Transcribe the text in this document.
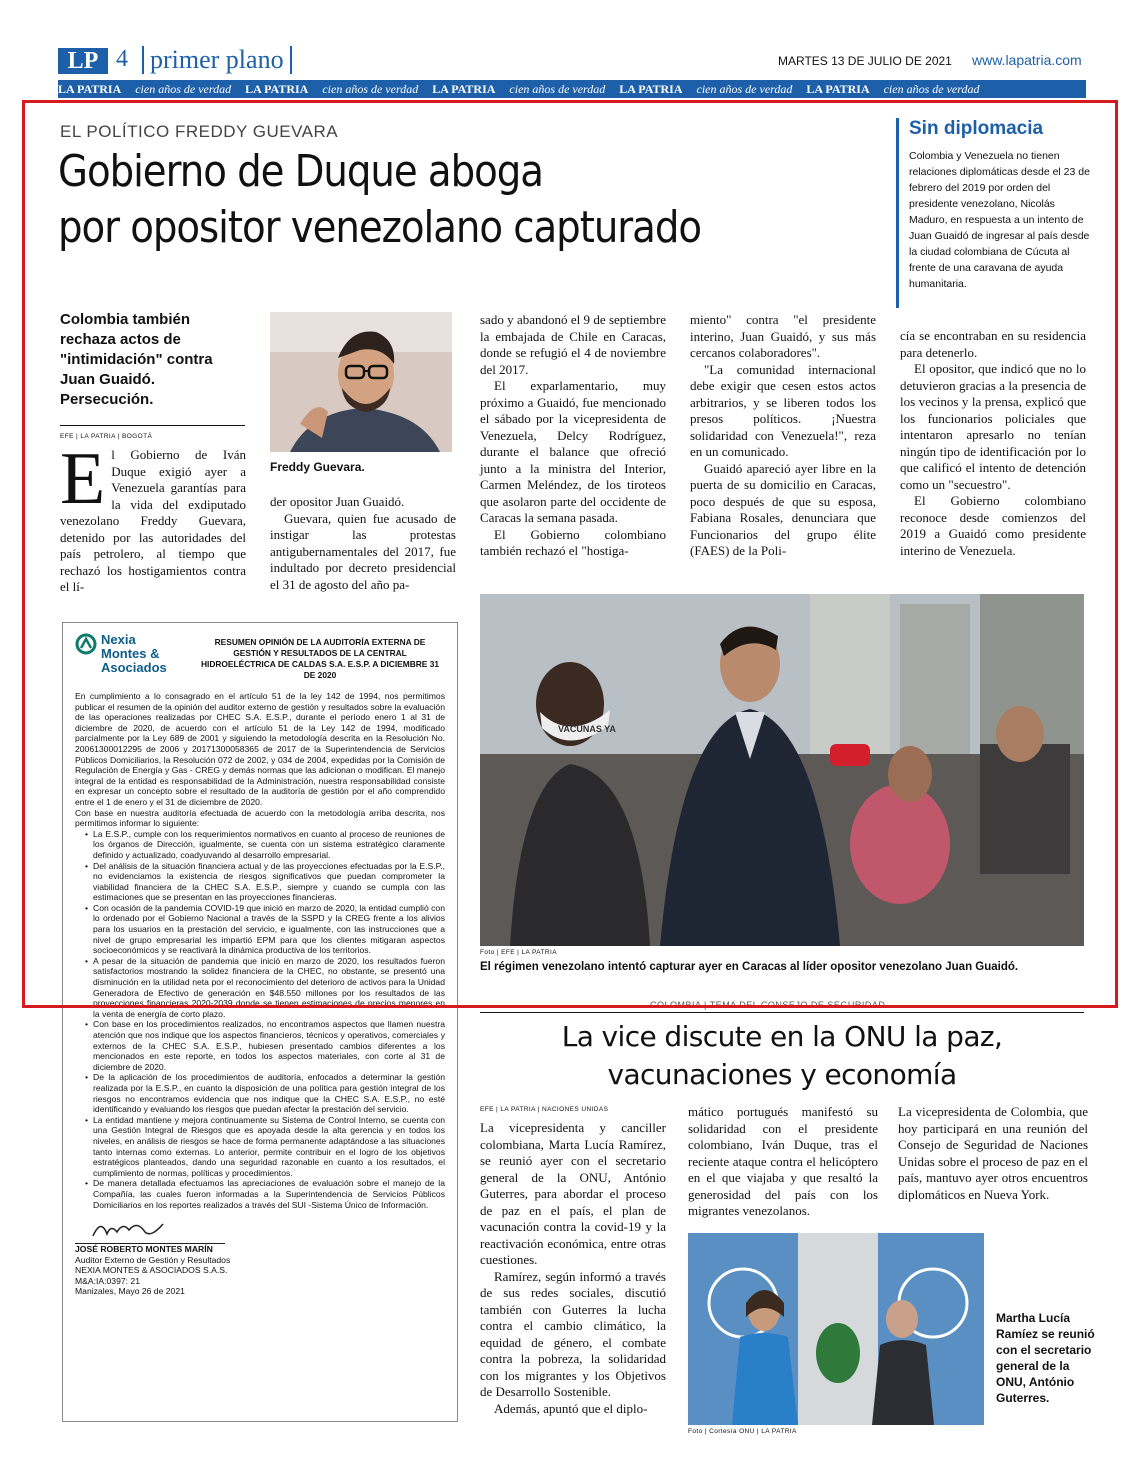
LP 4 primer plano	MARTES 13 DE JULIO DE 2021 www.lapatria.com
LA PATRIA cien años de verdad LA PATRIA cien años de verdad LA PATRIA cien años de verdad LA PATRIA cien años de verdad LA PATRIA cien años de verdad
EL POLÍTICO FREDDY GUEVARA
Gobierno de Duque aboga
por opositor venezolano capturado
Sin diplomacia
Colombia y Venezuela no tienen relaciones diplomáticas desde el 23 de febrero del 2019 por orden del presidente venezolano, Nicolás Maduro, en respuesta a un intento de Juan Guaidó de ingresar al país desde la ciudad colombiana de Cúcuta al frente de una caravana de ayuda humanitaria.
Colombia también rechaza actos de "intimidación" contra Juan Guaidó. Persecución.
EFE | LA PATRIA | BOGOTÁ
Freddy Guevara.
El Gobierno de Iván Duque exigió ayer a Venezuela garantías para la vida del exdiputado venezolano Freddy Guevara, detenido por las autoridades del país petrolero, al tiempo que rechazó los hostigamientos contra el lí-

der opositor Juan Guaidó.

Guevara, quien fue acusado de instigar las protestas antigubernamentales del 2017, fue indultado por decreto presidencial el 31 de agosto del año pa-

sado y abandonó el 9 de septiembre la embajada de Chile en Caracas, donde se refugió el 4 de noviembre del 2017.

El exparlamentario, muy próximo a Guaidó, fue mencionado el sábado por la vicepresidenta de Venezuela, Delcy Rodríguez, durante el balance que ofreció junto a la ministra del Interior, Carmen Meléndez, de los tiroteos que asolaron parte del occidente de Caracas la semana pasada.

El Gobierno colombiano también rechazó el "hostiga-

miento" contra "el presidente interino, Juan Guaidó, y sus más cercanos colaboradores".

"La comunidad internacional debe exigir que cesen estos actos arbitrarios, y se liberen todos los presos políticos. ¡Nuestra solidaridad con Venezuela!", reza en un comunicado.

Guaidó apareció ayer libre en la puerta de su domicilio en Caracas, poco después de que su esposa, Fabiana Rosales, denunciara que Funcionarios del grupo élite (FAES) de la Poli-

cía se encontraban en su residencia para detenerlo.

El opositor, que indicó que no lo detuvieron gracias a la presencia de los vecinos y la prensa, explicó que los funcionarios policiales que intentaron apresarlo no tenían ningún tipo de identificación por lo que calificó el intento de detención como un "secuestro".

El Gobierno colombiano reconoce desde comienzos del 2019 a Guaidó como presidente interino de Venezuela.

VACUNAS YA
Foto | EFE | LA PATRIA
El régimen venezolano intentó capturar ayer en Caracas al líder opositor venezolano Juan Guaidó.
Nexia
Montes &
Asociados
RESUMEN OPINIÓN DE LA AUDITORÍA EXTERNA DE GESTIÓN Y RESULTADOS DE LA CENTRAL HIDROELÉCTRICA DE CALDAS S.A. E.S.P. A DICIEMBRE 31 DE 2020
En cumplimiento a lo consagrado en el artículo 51 de la ley 142 de 1994, nos permitimos publicar el resumen de la opinión del auditor externo de gestión y resultados sobre la evaluación de las operaciones realizadas por CHEC S.A. E.S.P., durante el período enero 1 al 31 de diciembre de 2020, de acuerdo con el artículo 51 de la Ley 142 de 1994, modificado parcialmente por la Ley 689 de 2001 y siguiendo la metodología descrita en la Resolución No. 20061300012295 de 2006 y 20171300058365 de 2017 de la Superintendencia de Servicios Públicos Domiciliarios, la Resolución 072 de 2002, y 034 de 2004, expedidas por la Comisión de Regulación de Energía y Gas - CREG y demás normas que las adicionan o modifican. El manejo integral de la entidad es responsabilidad de la Administración, nuestra responsabilidad consiste en expresar un concepto sobre el resultado de la auditoría de gestión por el año comprendido entre el 1 de enero y el 31 de diciembre de 2020.
Con base en nuestra auditoría efectuada de acuerdo con la metodología arriba descrita, nos permitimos informar lo siguiente:
• La E.S.P., cumple con los requerimientos normativos en cuanto al proceso de reuniones de los órganos de Dirección, igualmente, se cuenta con un sistema estratégico claramente definido y actualizado, coadyuvando al desarrollo empresarial.
• Del análisis de la situación financiera actual y de las proyecciones efectuadas por la E.S.P., no evidenciamos la existencia de riesgos significativos que puedan comprometer la viabilidad financiera de la CHEC S.A. E.S.P., siempre y cuando se cumpla con las estimaciones que se presentan en las proyecciones financieras.
• Con ocasión de la pandemia COVID-19 que inició en marzo de 2020, la entidad cumplió con lo ordenado por el Gobierno Nacional a través de la SSPD y la CREG frente a los alivios para los usuarios en la prestación del servicio, e igualmente, con las instrucciones que a nivel de grupo empresarial les impartió EPM para que los clientes mitigaran aspectos socioeconómicos y se reactivará la dinámica productiva de los territorios.
• A pesar de la situación de pandemia que inició en marzo de 2020, los resultados fueron satisfactorios mostrando la solidez financiera de la CHEC, no obstante, se presentó una disminución en la utilidad neta por el reconocimiento del deterioro de activos para la Unidad Generadora de Efectivo de generación en $48.550 millones por los resultados de las proyecciones financieras 2020-2039 donde se tienen estimaciones de precios menores en la venta de energía de corto plazo.
• Con base en los procedimientos realizados, no encontramos aspectos que llamen nuestra atención que nos indique que los aspectos financieros, técnicos y operativos, comerciales y externos de la CHEC S.A. E.S.P., hubiesen presentado cambios diferentes a los mencionados en este reporte, en todos los aspectos materiales, con corte al 31 de diciembre de 2020.
• De la aplicación de los procedimientos de auditoría, enfocados a determinar la gestión realizada por la E.S.P., en cuanto la disposición de una política para gestión integral de los riesgos no encontramos evidencia que nos indique que la CHEC S.A. E.S.P., no esté identificando y evaluando los riesgos que puedan afectar la prestación del servicio.
• La entidad mantiene y mejora continuamente su Sistema de Control Interno, se cuenta con una Gestión Integral de Riesgos que es apoyada desde la alta gerencia y en todos los niveles, en análisis de riesgos se hace de forma permanente adaptándose a las situaciones tanto internas como externas. Lo anterior, permite contribuir en el logro de los objetivos estratégicos planteados, dando una seguridad razonable en cuanto a los resultados, el cumplimiento de normas, políticas y procedimientos.
• De manera detallada efectuamos las apreciaciones de evaluación sobre el manejo de la Compañía, las cuales fueron informadas a la Superintendencia de Servicios Públicos Domiciliarios en los reportes realizados a través del SUI -Sistema Único de Información.
JOSÉ ROBERTO MONTES MARÍN
Auditor Externo de Gestión y Resultados
NEXIA MONTES & ASOCIADOS S.A.S.
M&A:IA:0397: 21
Manizales, Mayo 26 de 2021
COLOMBIA | TEMA DEL CONSEJO DE SEGURIDAD
La vice discute en la ONU la paz,
vacunaciones y economía
EFE | LA PATRIA | NACIONES UNIDAS

La vicepresidenta y canciller colombiana, Marta Lucía Ramírez, se reunió ayer con el secretario general de la ONU, António Guterres, para abordar el proceso de paz en el país, el plan de vacunación contra la covid-19 y la reactivación económica, entre otras cuestiones.

Ramírez, según informó a través de sus redes sociales, discutió también con Guterres la lucha contra el cambio climático, la equidad de género, el combate contra la pobreza, la solidaridad con los migrantes y los Objetivos de Desarrollo Sostenible.

Además, apuntó que el diplo-

mático portugués manifestó su solidaridad con el presidente colombiano, Iván Duque, tras el reciente ataque contra el helicóptero en el que viajaba y que resaltó la generosidad del país con los migrantes venezolanos.

La vicepresidenta de Colombia, que hoy participará en una reunión del Consejo de Seguridad de Naciones Unidas sobre el proceso de paz en el país, mantuvo ayer otros encuentros diplomáticos en Nueva York.

Martha Lucía Ramíez se reunió con el secretario general de la ONU, António Guterres.
Foto | Cortesía ONU | LA PATRIA
